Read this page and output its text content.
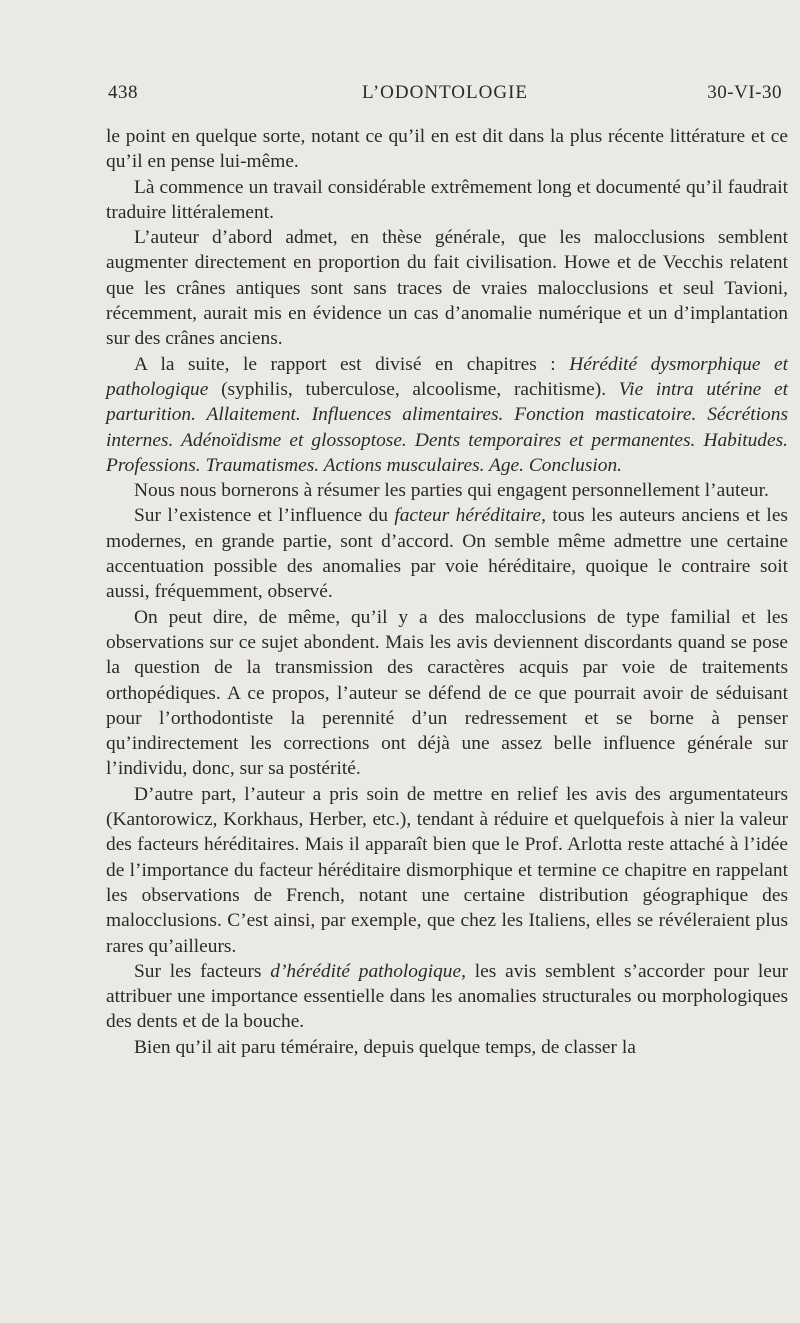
438	L’ODONTOLOGIE	30-VI-30

le point en quelque sorte, notant ce qu’il en est dit dans la plus récente littérature et ce qu’il en pense lui-même.

Là commence un travail considérable extrêmement long et documenté qu’il faudrait traduire littéralement.

L’auteur d’abord admet, en thèse générale, que les malocclusions semblent augmenter directement en proportion du fait civilisation. Howe et de Vecchis relatent que les crânes antiques sont sans traces de vraies malocclusions et seul Tavioni, récemment, aurait mis en évidence un cas d’anomalie numérique et un d’implantation sur des crânes anciens.

A la suite, le rapport est divisé en chapitres : Hérédité dysmorphique et pathologique (syphilis, tuberculose, alcoolisme, rachitisme). Vie intra utérine et parturition. Allaitement. Influences alimentaires. Fonction masticatoire. Sécrétions internes. Adénoïdisme et glossoptose. Dents temporaires et permanentes. Habitudes. Professions. Traumatismes. Actions musculaires. Age. Conclusion.

Nous nous bornerons à résumer les parties qui engagent personnellement l’auteur.

Sur l’existence et l’influence du facteur héréditaire, tous les auteurs anciens et les modernes, en grande partie, sont d’accord. On semble même admettre une certaine accentuation possible des anomalies par voie héréditaire, quoique le contraire soit aussi, fréquemment, observé.

On peut dire, de même, qu’il y a des malocclusions de type familial et les observations sur ce sujet abondent. Mais les avis deviennent discordants quand se pose la question de la transmission des caractères acquis par voie de traitements orthopédiques. A ce propos, l’auteur se défend de ce que pourrait avoir de séduisant pour l’orthodontiste la perennité d’un redressement et se borne à penser qu’indirectement les corrections ont déjà une assez belle influence générale sur l’individu, donc, sur sa postérité.

D’autre part, l’auteur a pris soin de mettre en relief les avis des argumentateurs (Kantorowicz, Korkhaus, Herber, etc.), tendant à réduire et quelquefois à nier la valeur des facteurs héréditaires. Mais il apparaît bien que le Prof. Arlotta reste attaché à l’idée de l’importance du facteur héréditaire dismorphique et termine ce chapitre en rappelant les observations de French, notant une certaine distribution géographique des malocclusions. C’est ainsi, par exemple, que chez les Italiens, elles se révéleraient plus rares qu’ailleurs.

Sur les facteurs d’hérédité pathologique, les avis semblent s’accorder pour leur attribuer une importance essentielle dans les anomalies structurales ou morphologiques des dents et de la bouche.

Bien qu’il ait paru téméraire, depuis quelque temps, de classer la
